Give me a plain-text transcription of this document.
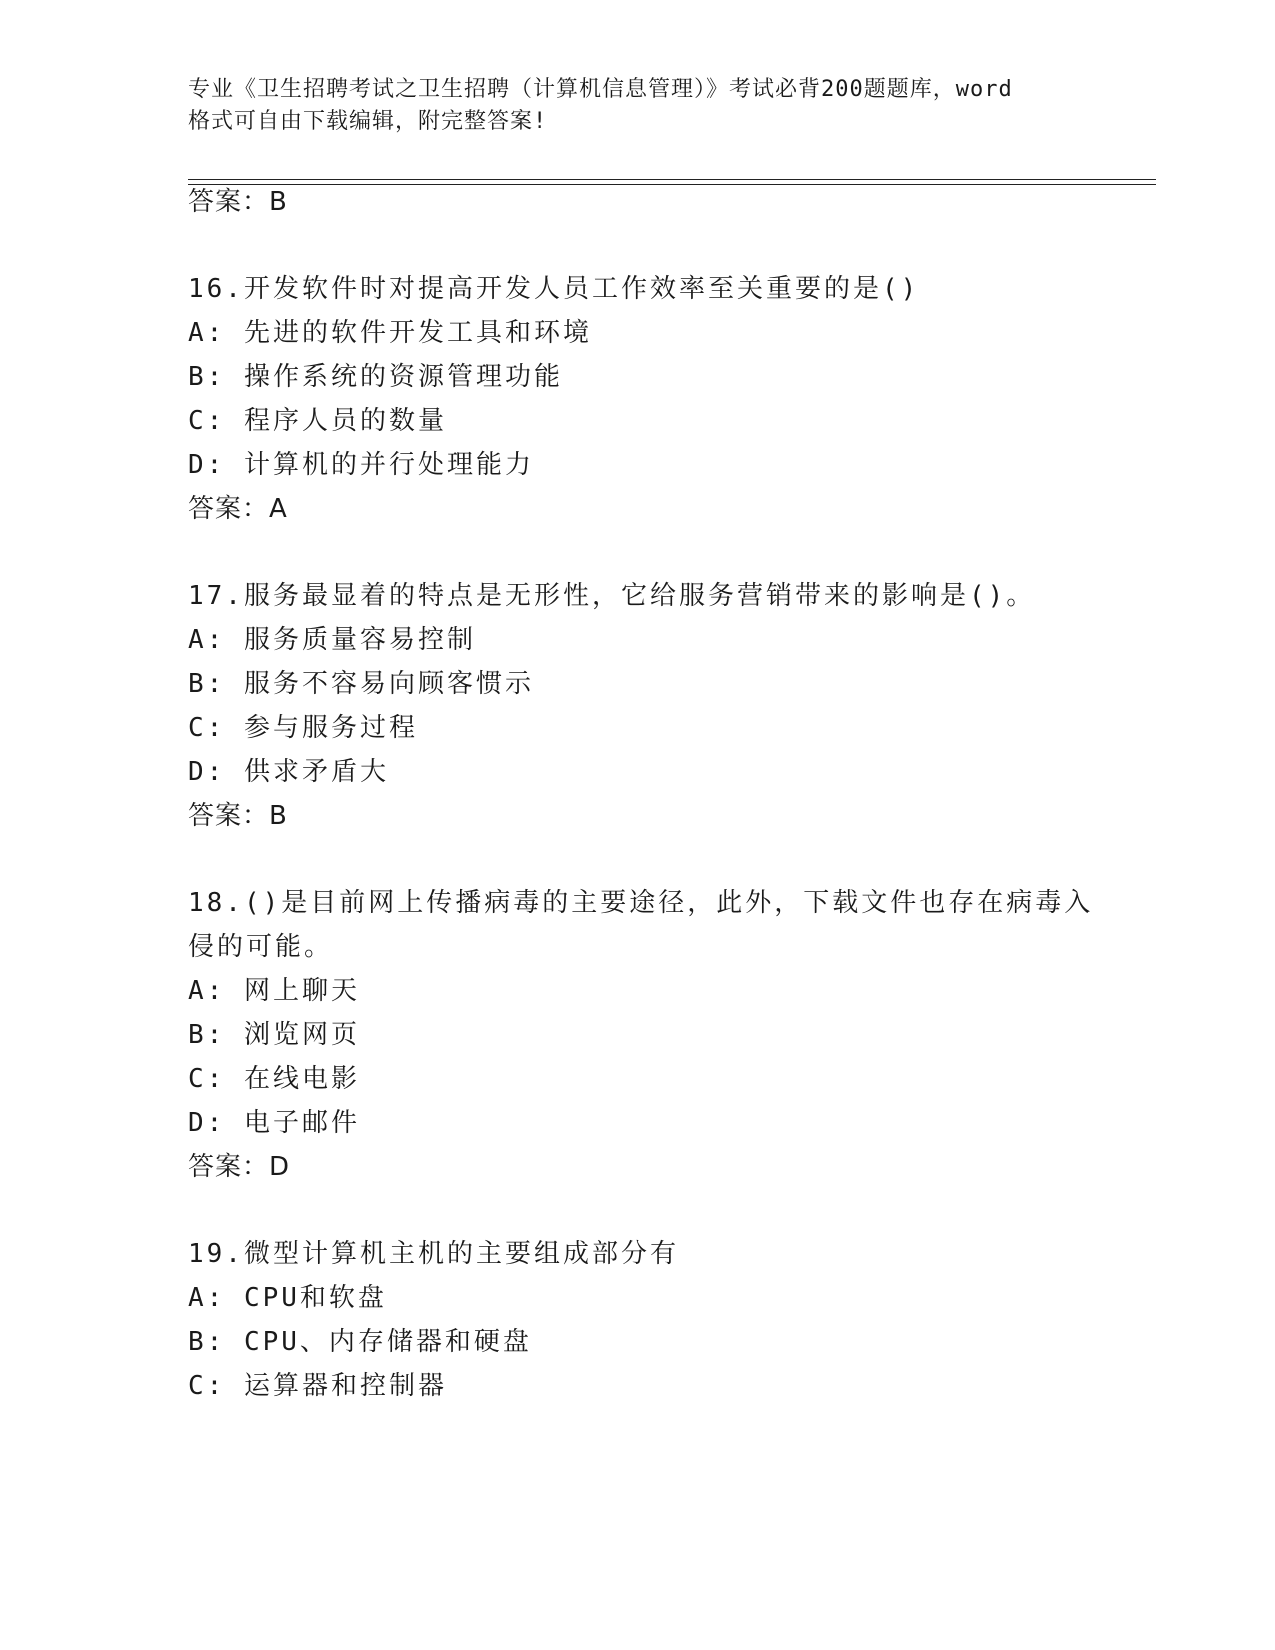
专业《卫生招聘考试之卫生招聘（计算机信息管理）》考试必背200题题库，word
格式可自由下载编辑，附完整答案!
答案：B
16.开发软件时对提高开发人员工作效率至关重要的是()
A: 先进的软件开发工具和环境
B: 操作系统的资源管理功能
C: 程序人员的数量
D: 计算机的并行处理能力
答案：A
17.服务最显着的特点是无形性，它给服务营销带来的影响是()。
A: 服务质量容易控制
B: 服务不容易向顾客惯示
C: 参与服务过程
D: 供求矛盾大
答案：B
18.()是目前网上传播病毒的主要途径，此外，下载文件也存在病毒入
侵的可能。
A: 网上聊天
B: 浏览网页
C: 在线电影
D: 电子邮件
答案：D
19.微型计算机主机的主要组成部分有
A: CPU和软盘
B: CPU、内存储器和硬盘
C: 运算器和控制器
